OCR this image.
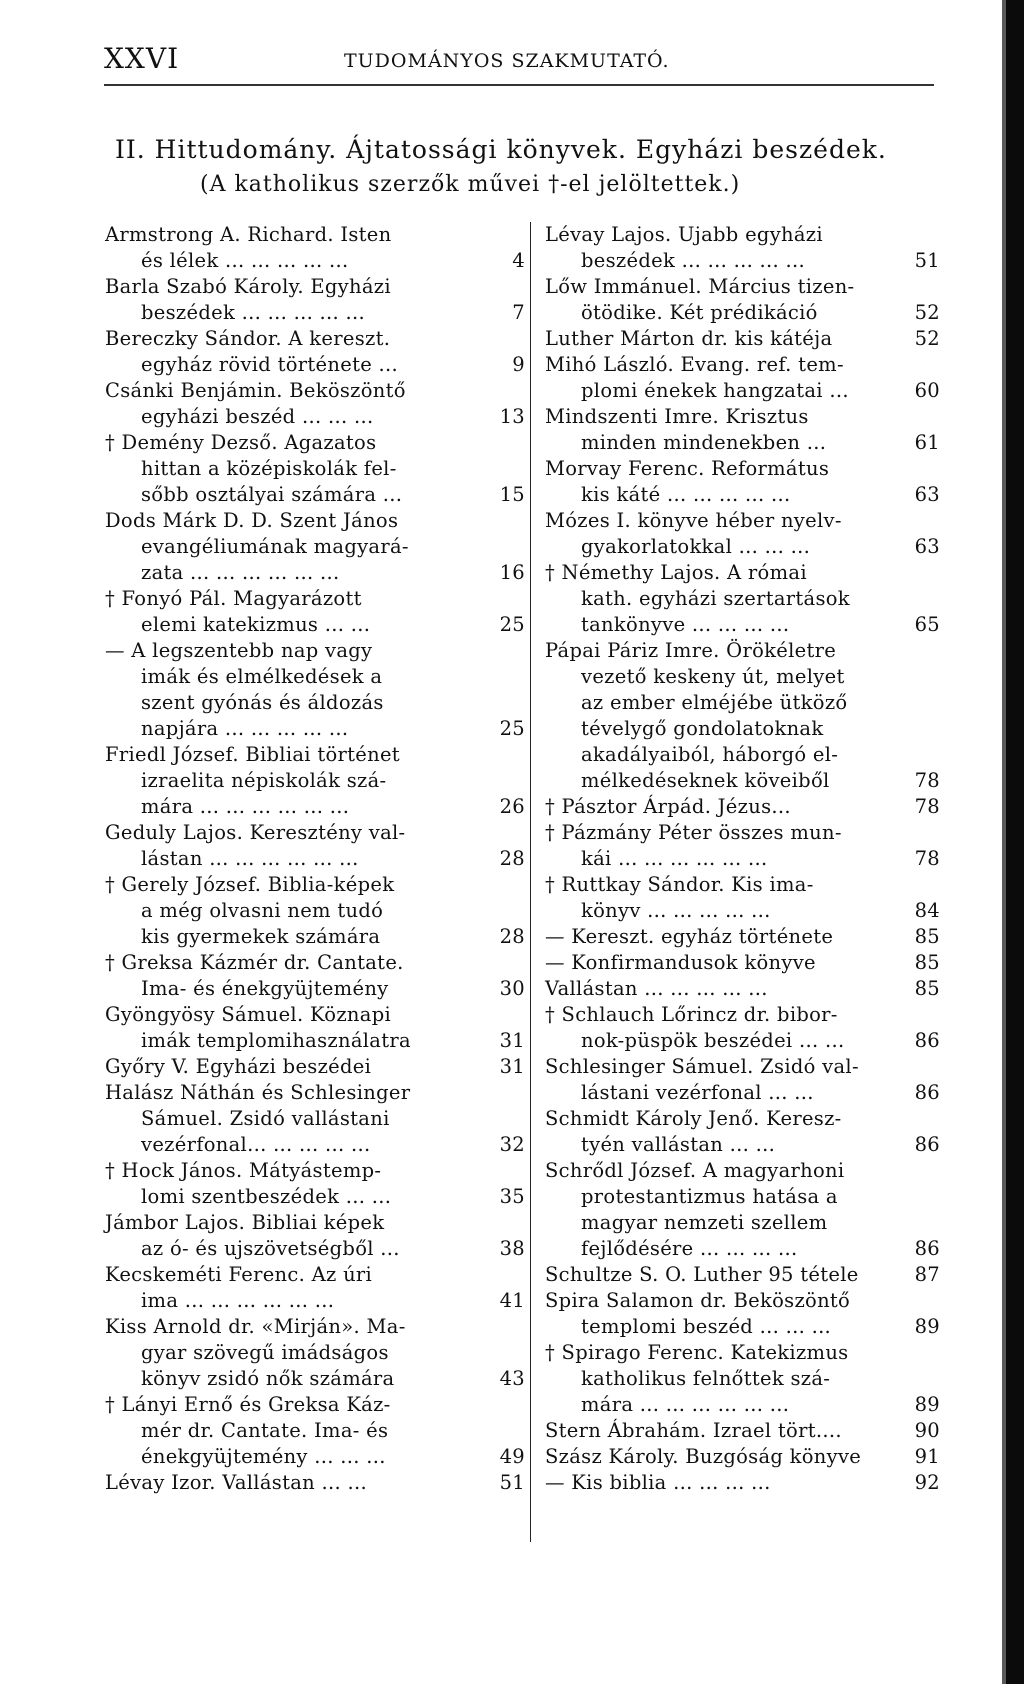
XXVI	TUDOMÁNYOS SZAKMUTATÓ.
II. Hittudomány. Ájtatossági könyvek. Egyházi beszédek.
(A katholikus szerzők művei †-el jelöltettek.)
Armstrong A. Richard. Isten
és lélek ... ... ... ... ...	4
Barla Szabó Károly. Egyházi
beszédek ... ... ... ... ...	7
Bereczky Sándor. A kereszt.
egyház rövid története ...	9
Csánki Benjámin. Beköszöntő
egyházi beszéd ... ... ...	13
† Demény Dezső. Agazatos
hittan a középiskolák fel-
sőbb osztályai számára ...	15
Dods Márk D. D. Szent János
evangéliumának magyará-
zata ... ... ... ... ... ...	16
† Fonyó Pál. Magyarázott
elemi katekizmus ... ...	25
— A legszentebb nap vagy
imák és elmélkedések a
szent gyónás és áldozás
napjára ... ... ... ... ...	25
Friedl József. Bibliai történet
izraelita népiskolák szá-
mára ... ... ... ... ... ...	26
Geduly Lajos. Keresztény val-
lástan ... ... ... ... ... ...	28
† Gerely József. Biblia-képek
a még olvasni nem tudó
kis gyermekek számára	28
† Greksa Kázmér dr. Cantate.
Ima- és énekgyüjtemény	30
Gyöngyösy Sámuel. Köznapi
imák templomihasználatra	31
Győry V. Egyházi beszédei	31
Halász Náthán és Schlesinger
Sámuel. Zsidó vallástani
vezérfonal... ... ... ... ...	32
† Hock János. Mátyástemp-
lomi szentbeszédek ... ...	35
Jámbor Lajos. Bibliai képek
az ó- és ujszövetségből ...	38
Kecskeméti Ferenc. Az úri
ima ... ... ... ... ... ...	41
Kiss Arnold dr. «Mirján». Ma-
gyar szövegű imádságos
könyv zsidó nők számára	43
† Lányi Ernő és Greksa Káz-
mér dr. Cantate. Ima- és
énekgyüjtemény ... ... ...	49
Lévay Izor. Vallástan ... ...	51
Lévay Lajos. Ujabb egyházi
beszédek ... ... ... ... ...	51
Lőw Immánuel. Március tizen-
ötödike. Két prédikáció	52
Luther Márton dr. kis kátéja	52
Mihó László. Evang. ref. tem-
plomi énekek hangzatai ...	60
Mindszenti Imre. Krisztus
minden mindenekben ...	61
Morvay Ferenc. Református
kis káté ... ... ... ... ...	63
Mózes I. könyve héber nyelv-
gyakorlatokkal ... ... ...	63
† Némethy Lajos. A római
kath. egyházi szertartások
tankönyve ... ... ... ...	65
Pápai Páriz Imre. Örökéletre
vezető keskeny út, melyet
az ember elméjébe ütköző
tévelygő gondolatoknak
akadályaiból, háborgó el-
mélkedéseknek köveiből	78
† Pásztor Árpád. Jézus...	78
† Pázmány Péter összes mun-
kái ... ... ... ... ... ...	78
† Ruttkay Sándor. Kis ima-
könyv ... ... ... ... ...	84
— Kereszt. egyház története	85
— Konfirmandusok könyve	85
Vallástan ... ... ... ... ...	85
† Schlauch Lőrincz dr. bibor-
nok-püspök beszédei ... ...	86
Schlesinger Sámuel. Zsidó val-
lástani vezérfonal ... ...	86
Schmidt Károly Jenő. Keresz-
tyén vallástan ... ...	86
Schrődl József. A magyarhoni
protestantizmus hatása a
magyar nemzeti szellem
fejlődésére ... ... ... ...	86
Schultze S. O. Luther 95 tétele	87
Spira Salamon dr. Beköszöntő
templomi beszéd ... ... ...	89
† Spirago Ferenc. Katekizmus
katholikus felnőttek szá-
mára ... ... ... ... ... ...	89
Stern Ábrahám. Izrael tört....	90
Szász Károly. Buzgóság könyve	91
— Kis biblia ... ... ... ...	92
